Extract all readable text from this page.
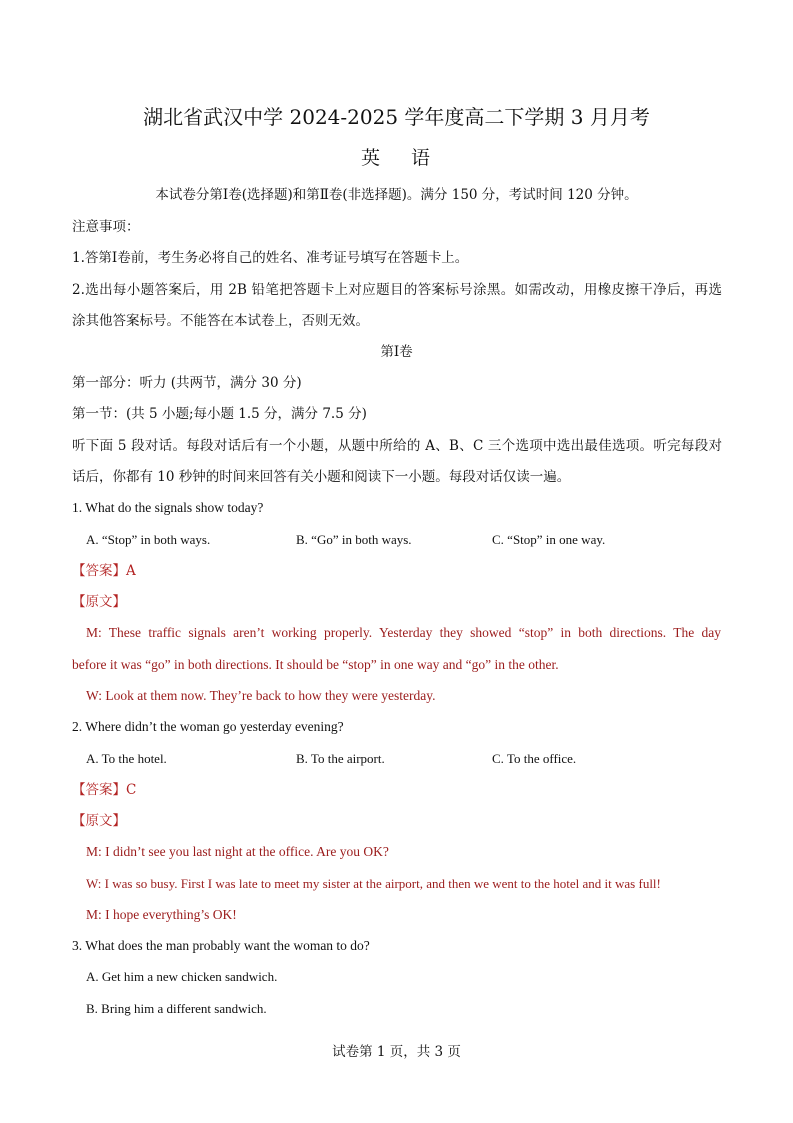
湖北省武汉中学 2024-2025 学年度高二下学期 3 月月考
英　 语
本试卷分第Ⅰ卷(选择题)和第Ⅱ卷(非选择题)。满分 150 分，考试时间 120 分钟。
注意事项：
1.答第Ⅰ卷前，考生务必将自己的姓名、准考证号填写在答题卡上。
2.选出每小题答案后，用 2B 铅笔把答题卡上对应题目的答案标号涂黑。如需改动，用橡皮擦干净后，再选
涂其他答案标号。不能答在本试卷上，否则无效。
第Ⅰ卷
第一部分：听力 (共两节，满分 30 分)
第一节：(共 5 小题;每小题 1.5 分，满分 7.5 分)
听下面 5 段对话。每段对话后有一个小题，从题中所给的 A、B、C 三个选项中选出最佳选项。听完每段对
话后，你都有 10 秒钟的时间来回答有关小题和阅读下一小题。每段对话仅读一遍。
1. What do the signals show today?
A. “Stop” in both ways.	B. “Go” in both ways.	C. “Stop” in one way.
【答案】A
【原文】
M: These traffic signals aren’t working properly. Yesterday they showed “stop” in both directions. The day
before it was “go” in both directions. It should be “stop” in one way and “go” in the other.
W: Look at them now. They’re back to how they were yesterday.
2. Where didn’t the woman go yesterday evening?
A. To the hotel.	B. To the airport.	C. To the office.
【答案】C
【原文】
M: I didn’t see you last night at the office. Are you OK?
W: I was so busy. First I was late to meet my sister at the airport, and then we went to the hotel and it was full!
M: I hope everything’s OK!
3. What does the man probably want the woman to do?
A. Get him a new chicken sandwich.
B. Bring him a different sandwich.
试卷第 1 页，共 3 页
